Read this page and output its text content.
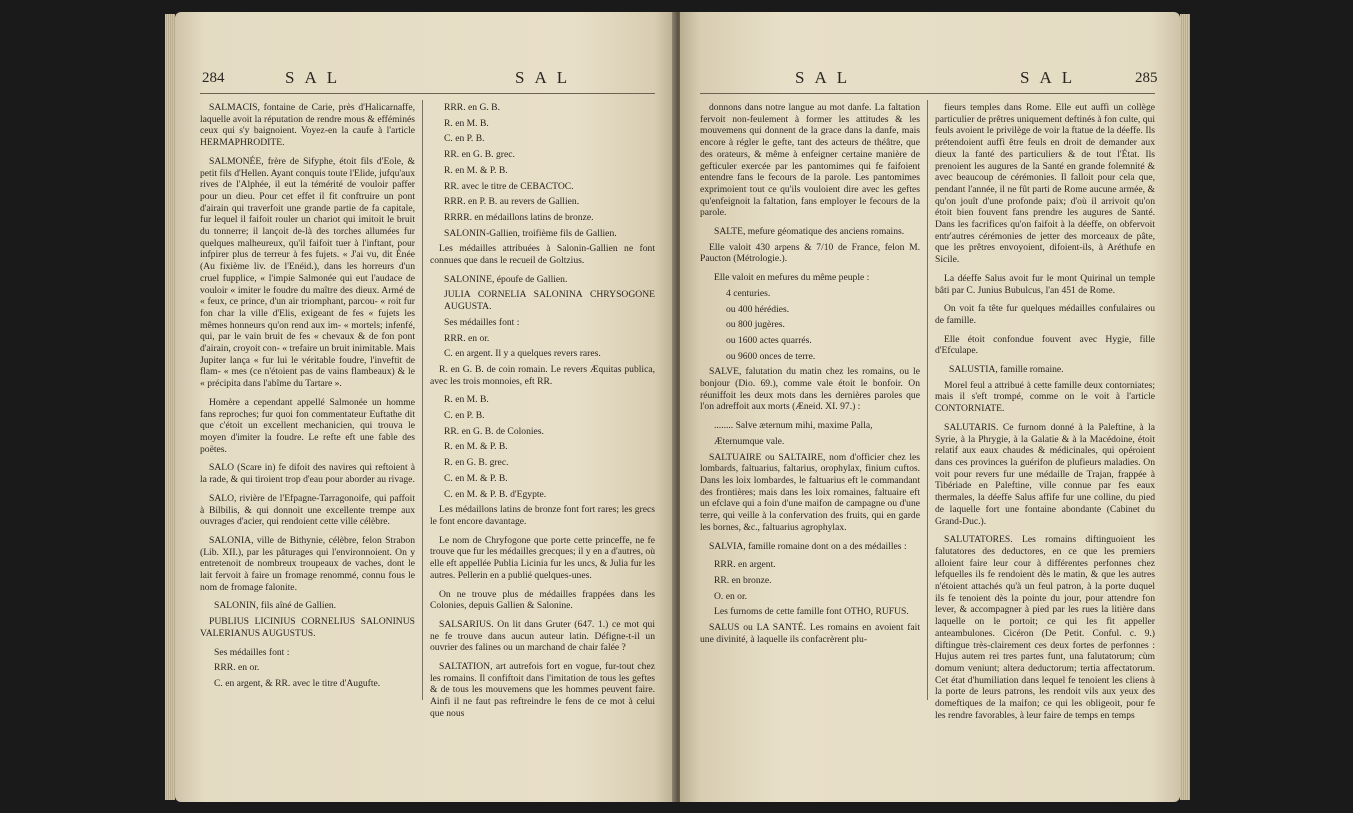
284	SAL	SAL

SALMACIS, fontaine de Carie, près d'Halicarnaffe, laquelle avoit la réputation de rendre mous & efféminés ceux qui s'y baignoient. Voyez-en la caufe à l'article HERMAPHRODITE.

SALMONÉE, frère de Sifyphe, étoit fils d'Eole, & petit fils d'Hellen. Ayant conquis toute l'Elide, jufqu'aux rives de l'Alphée, il eut la témérité de vouloir paffer pour un dieu. Pour cet effet il fit conftruire un pont d'airain qui traverfoit une grande partie de fa capitale, fur lequel il faifoit rouler un chariot qui imitoit le bruit du tonnerre; il lançoit de-là des torches allumées fur quelques malheureux, qu'il faifoit tuer à l'inftant, pour infpirer plus de terreur à fes fujets. « J'ai vu, dit Énée (Au fixième liv. de l'Enéid.), dans les horreurs d'un cruel fupplice, « l'impie Salmonée qui eut l'audace de vouloir « imiter le foudre du maître des dieux. Armé de « feux, ce prince, d'un air triomphant, parcou- « roit fur fon char la ville d'Elis, exigeant de fes « fujets les mêmes honneurs qu'on rend aux im- « mortels; infenfé, qui, par le vain bruit de fes « chevaux & de fon pont d'airain, croyoit con- « trefaire un bruit inimitable. Mais Jupiter lança « fur lui le véritable foudre, l'inveftit de flam- « mes (ce n'étoient pas de vains flambeaux) & le « précipita dans l'abîme du Tartare ».

Homère a cependant appellé Salmonée un homme fans reproches; fur quoi fon commentateur Euftathe dit que c'étoit un excellent mechanicien, qui trouva le moyen d'imiter la foudre. Le refte eft une fable des poëtes.

SALO (Scare in) fe difoit des navires qui reftoient à la rade, & qui tiroient trop d'eau pour aborder au rivage.

SALO, rivière de l'Efpagne-Tarragonoife, qui paffoit à Bilbilis, & qui donnoit une excellente trempe aux ouvrages d'acier, qui rendoient cette ville célèbre.

SALONIA, ville de Bithynie, célèbre, felon Strabon (Lib. XII.), par les pâturages qui l'environnoient. On y entretenoit de nombreux troupeaux de vaches, dont le lait fervoit à faire un fromage renommé, connu fous le nom de fromage falonite.

SALONIN, fils aîné de Gallien.

PUBLIUS LICINIUS CORNELIUS SALONINUS VALERIANUS AUGUSTUS.

Ses médailles font :

RRR. en or.

C. en argent, & RR. avec le titre d'Augufte.

RRR. en G. B.

R. en M. B.

C. en P. B.

RR. en G. B. grec.

R. en M. & P. B.

RR. avec le titre de CEBACTOC.

RRR. en P. B. au revers de Gallien.

RRRR. en médaillons latins de bronze.

SALONIN-Gallien, troifième fils de Gallien.

Les médailles attribuées à Salonin-Gallien ne font connues que dans le recueil de Goltzius.

SALONINE, époufe de Gallien.

JULIA CORNELIA SALONINA CHRYSOGONE AUGUSTA.

Ses médailles font :

RRR. en or.

C. en argent. Il y a quelques revers rares.

R. en G. B. de coin romain. Le revers Æquitas publica, avec les trois monnoies, eft RR.

R. en M. B.

C. en P. B.

RR. en G. B. de Colonies.

R. en M. & P. B.

R. en G. B. grec.

C. en M. & P. B.

C. en M. & P. B. d'Egypte.

Les médaillons latins de bronze font fort rares; les grecs le font encore davantage.

Le nom de Chryfogone que porte cette princeffe, ne fe trouve que fur les médailles grecques; il y en a d'autres, où elle eft appellée Publia Licinia fur les uncs, & Julia fur les autres. Pellerin en a publié quelques-unes.

On ne trouve plus de médailles frappées dans les Colonies, depuis Gallien & Salonine.

SALSARIUS. On lit dans Gruter (647. 1.) ce mot qui ne fe trouve dans aucun auteur latin. Défigne-t-il un ouvrier des falines ou un marchand de chair falée ?

SALTATION, art autrefois fort en vogue, fur-tout chez les romains. Il confiftoit dans l'imitation de tous les geftes & de tous les mouvemens que les hommes peuvent faire. Ainfi il ne faut pas reftreindre le fens de ce mot à celui que nous

SAL	SAL	285

donnons dans notre langue au mot danfe. La faltation fervoit non-feulement à former les attitudes & les mouvemens qui donnent de la grace dans la danfe, mais encore à régler le gefte, tant des acteurs de théâtre, que des orateurs, & même à enfeigner certaine manière de gefticuler exercée par les pantomimes qui fe faifoient entendre fans le fecours de la parole. Les pantomimes exprimoient tout ce qu'ils vouloient dire avec les geftes qu'enfeignoit la faltation, fans employer le fecours de la parole.

SALTE, mefure géomatique des anciens romains.

Elle valoit 430 arpens & 7/10 de France, felon M. Paucton (Métrologie.).

Elle valoit en mefures du même peuple :

4 centuries.

ou 400 hérédies.

ou 800 jugères.

ou 1600 actes quarrés.

ou 9600 onces de terre.

SALVE, falutation du matin chez les romains, ou le bonjour (Dio. 69.), comme vale étoit le bonfoir. On réuniffoit les deux mots dans les dernières paroles que l'on adreffoit aux morts (Æneid. XI. 97.) :

........ Salve æternum mihi, maxime Palla,

Æternumque vale.

SALTUAIRE ou SALTAIRE, nom d'officier chez les lombards, faltuarius, faltarius, orophylax, finium cuftos. Dans les loix lombardes, le faltuarius eft le commandant des frontières; mais dans les loix romaines, faltuaire eft un efclave qui a foin d'une maifon de campagne ou d'une terre, qui veille à la confervation des fruits, qui en garde les bornes, &c., faltuarius agrophylax.

SALVIA, famille romaine dont on a des médailles :

RRR. en argent.

RR. en bronze.

O. en or.

Les furnoms de cette famille font OTHO, RUFUS.

SALUS ou LA SANTÉ. Les romains en avoient fait une divinité, à laquelle ils confacrèrent plu-

fieurs temples dans Rome. Elle eut auffi un collège particulier de prêtres uniquement deftinés à fon culte, qui feuls avoient le privilège de voir la ftatue de la déeffe. Ils prétendoient auffi être feuls en droit de demander aux dieux la fanté des particuliers & de tout l'État. Ils prenoient les augures de la Santé en grande folemnité & avec beaucoup de cérémonies. Il falloit pour cela que, pendant l'année, il ne fût parti de Rome aucune armée, & qu'on jouît d'une profonde paix; d'où il arrivoit qu'on étoit bien fouvent fans prendre les augures de Santé. Dans les facrifices qu'on faifoit à la déeffe, on obfervoit entr'autres cérémonies de jetter des morceaux de pâte, que les prêtres envoyoient, difoient-ils, à Aréthufe en Sicile.

La déeffe Salus avoit fur le mont Quirinal un temple bâti par C. Junius Bubulcus, l'an 451 de Rome.

On voit fa tête fur quelques médailles confulaires ou de famille.

Elle étoit confondue fouvent avec Hygie, fille d'Efculape.

SALUSTIA, famille romaine.

Morel feul a attribué à cette famille deux contorniates; mais il s'eft trompé, comme on le voit à l'article CONTORNIATE.

SALUTARIS. Ce furnom donné à la Paleftine, à la Syrie, à la Phrygie, à la Galatie & à la Macédoine, étoit relatif aux eaux chaudes & médicinales, qui opéroient dans ces provinces la guérifon de plufieurs maladies. On voit pour revers fur une médaille de Trajan, frappée à Tibériade en Paleftine, ville connue par fes eaux thermales, la déeffe Salus affife fur une colline, du pied de laquelle fort une fontaine abondante (Cabinet du Grand-Duc.).

SALUTATORES. Les romains diftinguoient les falutatores des deductores, en ce que les premiers alloient faire leur cour à différentes perfonnes chez lefquelles ils fe rendoient dès le matin, & que les autres n'étoient attachés qu'à un feul patron, à la porte duquel ils fe tenoient dès la pointe du jour, pour attendre fon lever, & accompagner à pied par les rues la litière dans laquelle on le portoit; ce qui les fit appeller anteambulones. Cicéron (De Petit. Conful. c. 9.) diftingue très-clairement ces deux fortes de perfonnes : Hujus autem rei tres partes funt, una falutatorum; cùm domum veniunt; altera deductorum; tertia affectatorum. Cet état d'humiliation dans lequel fe tenoient les cliens à la porte de leurs patrons, les rendoit vils aux yeux des domeftiques de la maifon; ce qui les obligeoit, pour fe les rendre favorables, à leur faire de temps en temps
